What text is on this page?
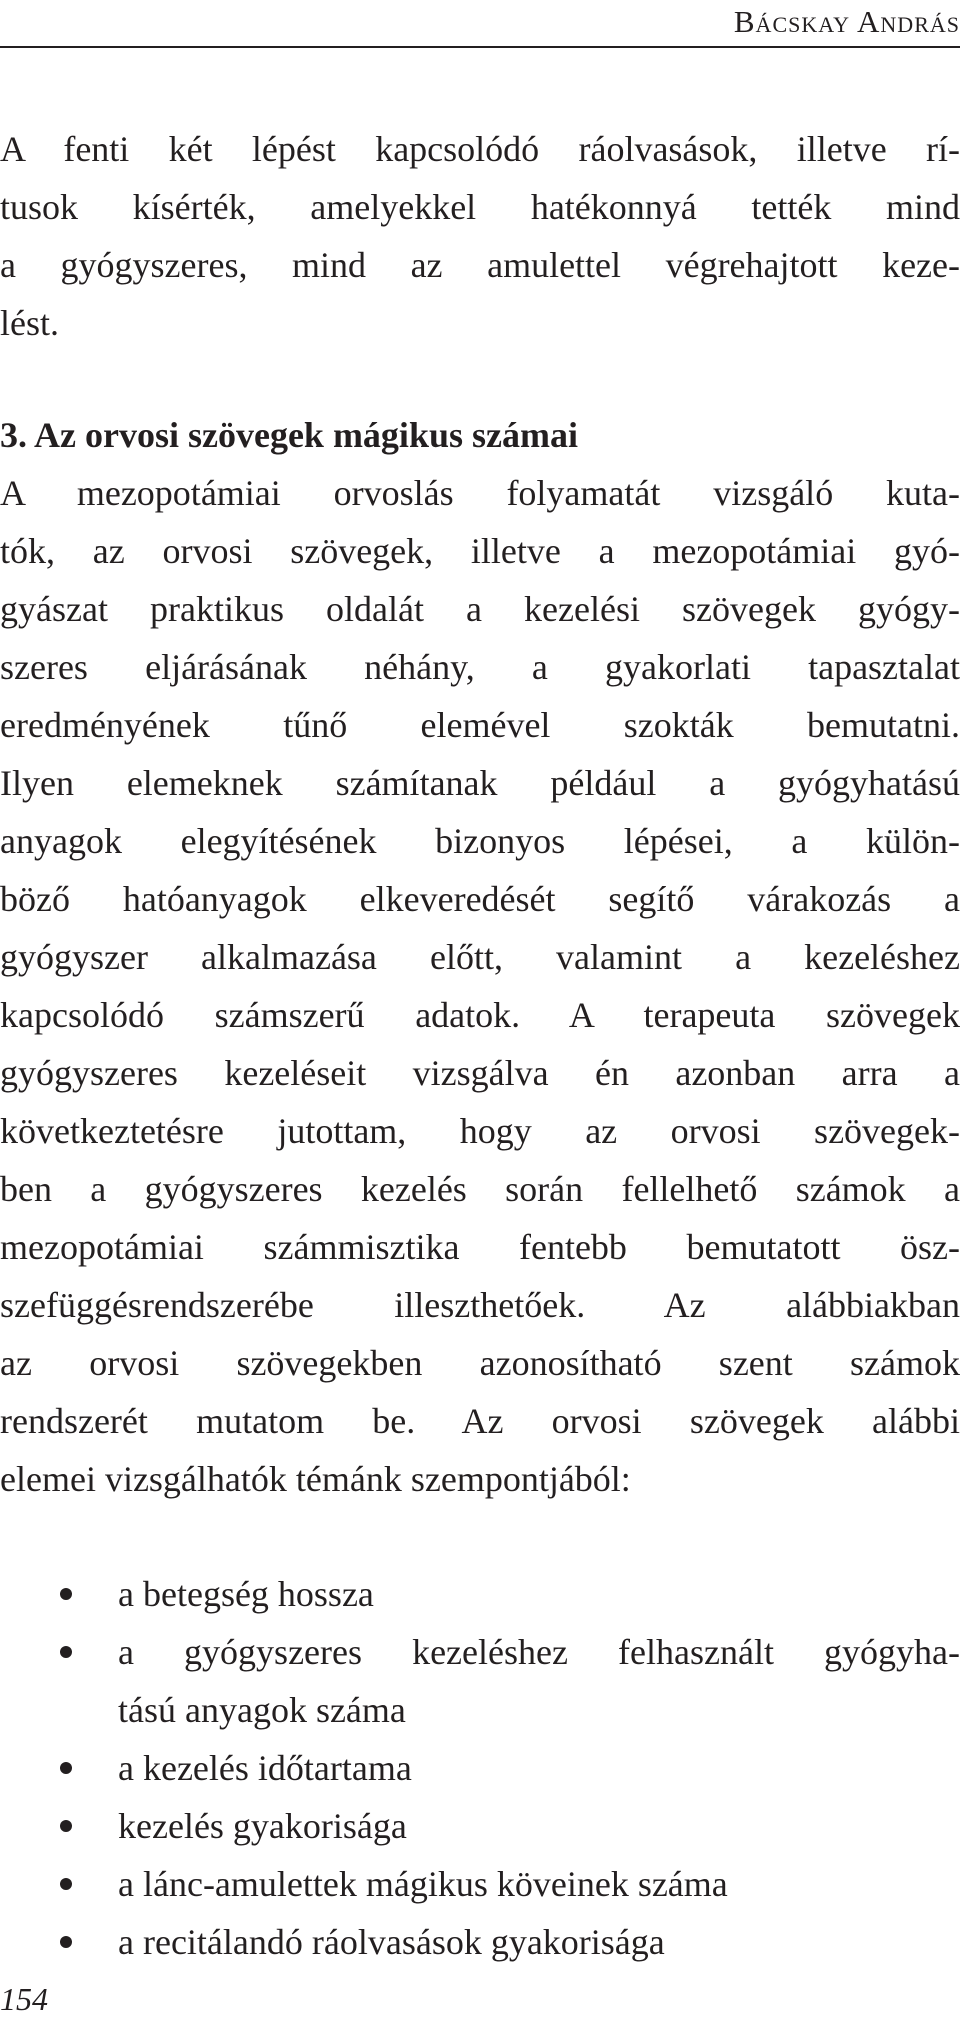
Bácskay András
A fenti két lépést kapcsolódó ráolvasások, illetve rí-
tusok kísérték, amelyekkel hatékonnyá tették mind
a gyógyszeres, mind az amulettel végrehajtott keze-
lést.
3. Az orvosi szövegek mágikus számai
A mezopotámiai orvoslás folyamatát vizsgáló kuta-
tók, az orvosi szövegek, illetve a mezopotámiai gyó-
gyászat praktikus oldalát a kezelési szövegek gyógy-
szeres eljárásának néhány, a gyakorlati tapasztalat
eredményének tűnő elemével szokták bemutatni.
Ilyen elemeknek számítanak például a gyógyhatású
anyagok elegyítésének bizonyos lépései, a külön-
böző hatóanyagok elkeveredését segítő várakozás a
gyógyszer alkalmazása előtt, valamint a kezeléshez
kapcsolódó számszerű adatok. A terapeuta szövegek
gyógyszeres kezeléseit vizsgálva én azonban arra a
következtetésre jutottam, hogy az orvosi szövegek-
ben a gyógyszeres kezelés során fellelhető számok a
mezopotámiai számmisztika fentebb bemutatott ösz-
szefüggésrendszerébe illeszthetőek. Az alábbiakban
az orvosi szövegekben azonosítható szent számok
rendszerét mutatom be. Az orvosi szövegek alábbi
elemei vizsgálhatók témánk szempontjából:
a betegség hossza
a gyógyszeres kezeléshez felhasznált gyógyha-
tású anyagok száma
a kezelés időtartama
kezelés gyakorisága
a lánc-amulettek mágikus köveinek száma
a recitálandó ráolvasások gyakorisága
154
